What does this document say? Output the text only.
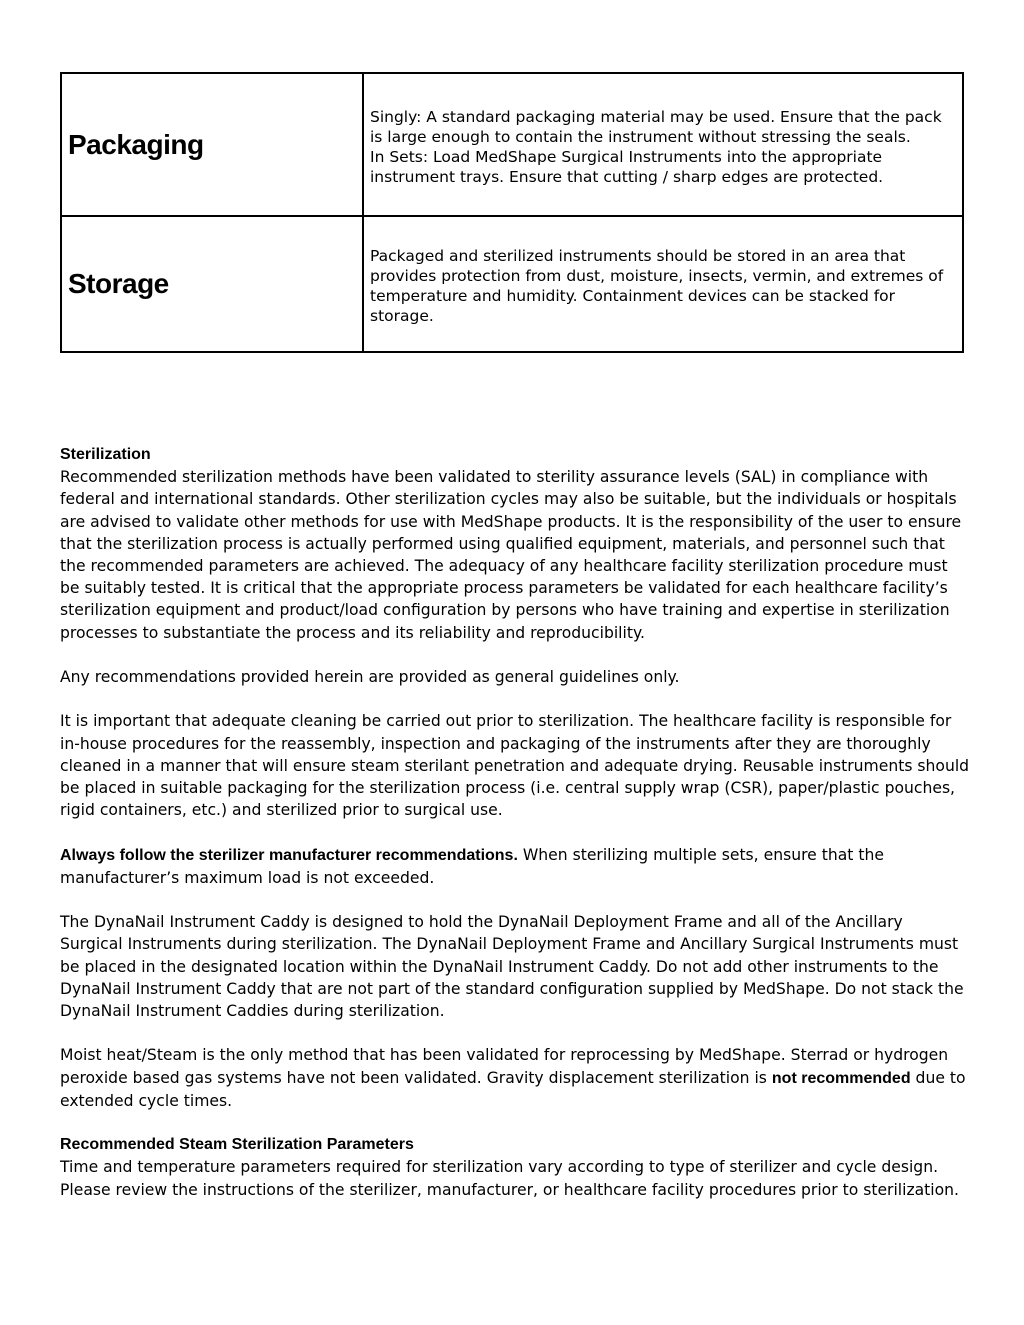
Packaging	Singly: A standard packaging material may be used. Ensure that the pack is large enough to contain the instrument without stressing the seals.
In Sets: Load MedShape Surgical Instruments into the appropriate instrument trays. Ensure that cutting / sharp edges are protected.

Storage	Packaged and sterilized instruments should be stored in an area that provides protection from dust, moisture, insects, vermin, and extremes of temperature and humidity. Containment devices can be stacked for storage.

Sterilization
Recommended sterilization methods have been validated to sterility assurance levels (SAL) in compliance with federal and international standards. Other sterilization cycles may also be suitable, but the individuals or hospitals are advised to validate other methods for use with MedShape products. It is the responsibility of the user to ensure that the sterilization process is actually performed using qualified equipment, materials, and personnel such that the recommended parameters are achieved. The adequacy of any healthcare facility sterilization procedure must be suitably tested. It is critical that the appropriate process parameters be validated for each healthcare facility’s sterilization equipment and product/load configuration by persons who have training and expertise in sterilization processes to substantiate the process and its reliability and reproducibility.

Any recommendations provided herein are provided as general guidelines only.

It is important that adequate cleaning be carried out prior to sterilization. The healthcare facility is responsible for in-house procedures for the reassembly, inspection and packaging of the instruments after they are thoroughly cleaned in a manner that will ensure steam sterilant penetration and adequate drying. Reusable instruments should be placed in suitable packaging for the sterilization process (i.e. central supply wrap (CSR), paper/plastic pouches, rigid containers, etc.) and sterilized prior to surgical use.

Always follow the sterilizer manufacturer recommendations. When sterilizing multiple sets, ensure that the manufacturer’s maximum load is not exceeded.

The DynaNail Instrument Caddy is designed to hold the DynaNail Deployment Frame and all of the Ancillary Surgical Instruments during sterilization. The DynaNail Deployment Frame and Ancillary Surgical Instruments must be placed in the designated location within the DynaNail Instrument Caddy. Do not add other instruments to the DynaNail Instrument Caddy that are not part of the standard configuration supplied by MedShape. Do not stack the DynaNail Instrument Caddies during sterilization.

Moist heat/Steam is the only method that has been validated for reprocessing by MedShape. Sterrad or hydrogen peroxide based gas systems have not been validated. Gravity displacement sterilization is not recommended due to extended cycle times.

Recommended Steam Sterilization Parameters
Time and temperature parameters required for sterilization vary according to type of sterilizer and cycle design. Please review the instructions of the sterilizer, manufacturer, or healthcare facility procedures prior to sterilization.
